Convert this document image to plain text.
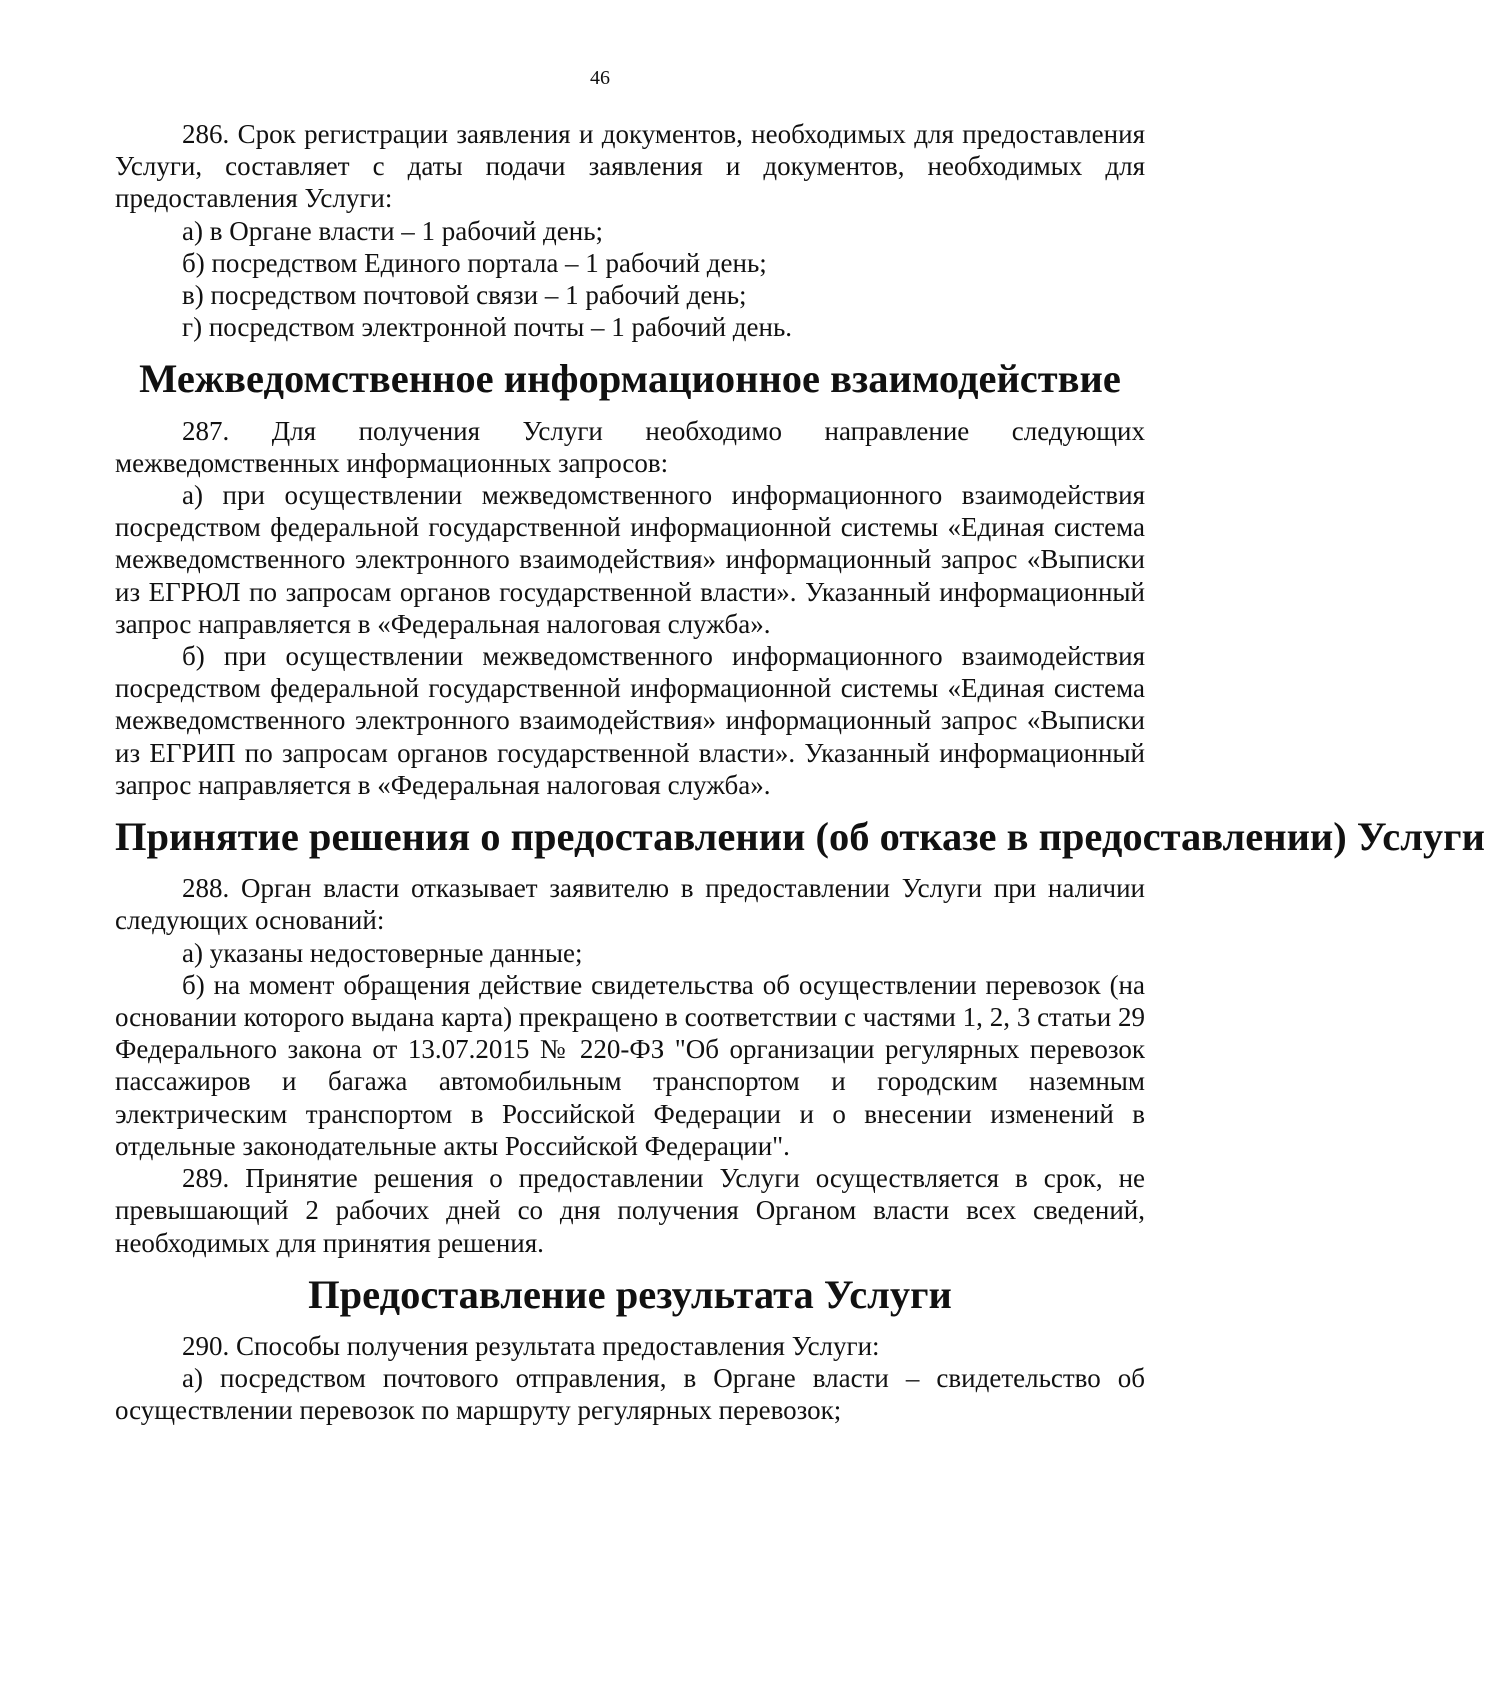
46

286. Срок регистрации заявления и документов, необходимых для предоставления Услуги, составляет с даты подачи заявления и документов, необходимых для предоставления Услуги:

а) в Органе власти – 1 рабочий день;

б) посредством Единого портала – 1 рабочий день;

в) посредством почтовой связи – 1 рабочий день;

г) посредством электронной почты – 1 рабочий день.

Межведомственное информационное взаимодействие

287. Для получения Услуги необходимо направление следующих межведомственных информационных запросов:

а) при осуществлении межведомственного информационного взаимодействия посредством федеральной государственной информационной системы «Единая система межведомственного электронного взаимодействия» информационный запрос «Выписки из ЕГРЮЛ по запросам органов государственной власти». Указанный информационный запрос направляется в «Федеральная налоговая служба».

б) при осуществлении межведомственного информационного взаимодействия посредством федеральной государственной информационной системы «Единая система межведомственного электронного взаимодействия» информационный запрос «Выписки из ЕГРИП по запросам органов государственной власти». Указанный информационный запрос направляется в «Федеральная налоговая служба».

Принятие решения о предоставлении (об отказе в предоставлении) Услуги

288. Орган власти отказывает заявителю в предоставлении Услуги при наличии следующих оснований:

а) указаны недостоверные данные;

б) на момент обращения действие свидетельства об осуществлении перевозок (на основании которого выдана карта) прекращено в соответствии с частями 1, 2, 3 статьи 29 Федерального закона от 13.07.2015 № 220-ФЗ "Об организации регулярных перевозок пассажиров и багажа автомобильным транспортом и городским наземным электрическим транспортом в Российской Федерации и о внесении изменений в отдельные законодательные акты Российской Федерации".

289. Принятие решения о предоставлении Услуги осуществляется в срок, не превышающий 2 рабочих дней со дня получения Органом власти всех сведений, необходимых для принятия решения.

Предоставление результата Услуги

290. Способы получения результата предоставления Услуги:

а) посредством почтового отправления, в Органе власти – свидетельство об осуществлении перевозок по маршруту регулярных перевозок;
